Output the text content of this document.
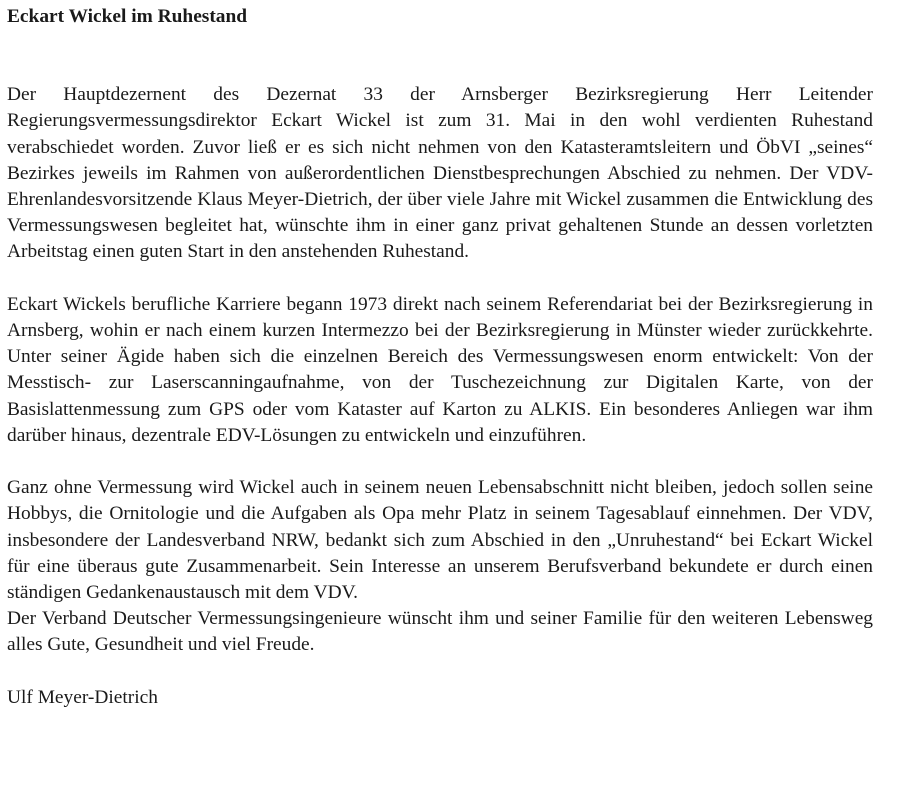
Eckart Wickel im Ruhestand

Der Hauptdezernent des Dezernat 33 der Arnsberger Bezirksregierung Herr Leitender Regierungsvermessungsdirektor Eckart Wickel ist zum 31. Mai in den wohl verdienten Ruhestand verabschiedet worden. Zuvor ließ er es sich nicht nehmen von den Katasteramtsleitern und ÖbVI „seines“ Bezirkes jeweils im Rahmen von außerordentlichen Dienstbesprechungen Abschied zu nehmen. Der VDV-Ehrenlandesvorsitzende Klaus Meyer-Dietrich, der über viele Jahre mit Wickel zusammen die Entwicklung des Vermessungswesen begleitet hat, wünschte ihm in einer ganz privat gehaltenen Stunde an dessen vorletzten Arbeitstag einen guten Start in den anstehenden Ruhestand.

Eckart Wickels berufliche Karriere begann 1973 direkt nach seinem Referendariat bei der Bezirksregierung in Arnsberg, wohin er nach einem kurzen Intermezzo bei der Bezirksregierung in Münster wieder zurückkehrte. Unter seiner Ägide haben sich die einzelnen Bereich des Vermessungswesen enorm entwickelt: Von der Messtisch- zur Laserscanningaufnahme, von der Tuschezeichnung zur Digitalen Karte, von der Basislattenmessung zum GPS oder vom Kataster auf Karton zu ALKIS. Ein besonderes Anliegen war ihm darüber hinaus, dezentrale EDV-Lösungen zu entwickeln und einzuführen.

Ganz ohne Vermessung wird Wickel auch in seinem neuen Lebensabschnitt nicht bleiben, jedoch sollen seine Hobbys, die Ornitologie und die Aufgaben als Opa mehr Platz in seinem Tagesablauf einnehmen. Der VDV, insbesondere der Landesverband NRW, bedankt sich zum Abschied in den „Unruhestand“ bei Eckart Wickel für eine überaus gute Zusammenarbeit. Sein Interesse an unserem Berufsverband bekundete er durch einen ständigen Gedankenaustausch mit dem VDV.

Der Verband Deutscher Vermessungsingenieure wünscht ihm und seiner Familie für den weiteren Lebensweg alles Gute, Gesundheit und viel Freude.

Ulf Meyer-Dietrich
